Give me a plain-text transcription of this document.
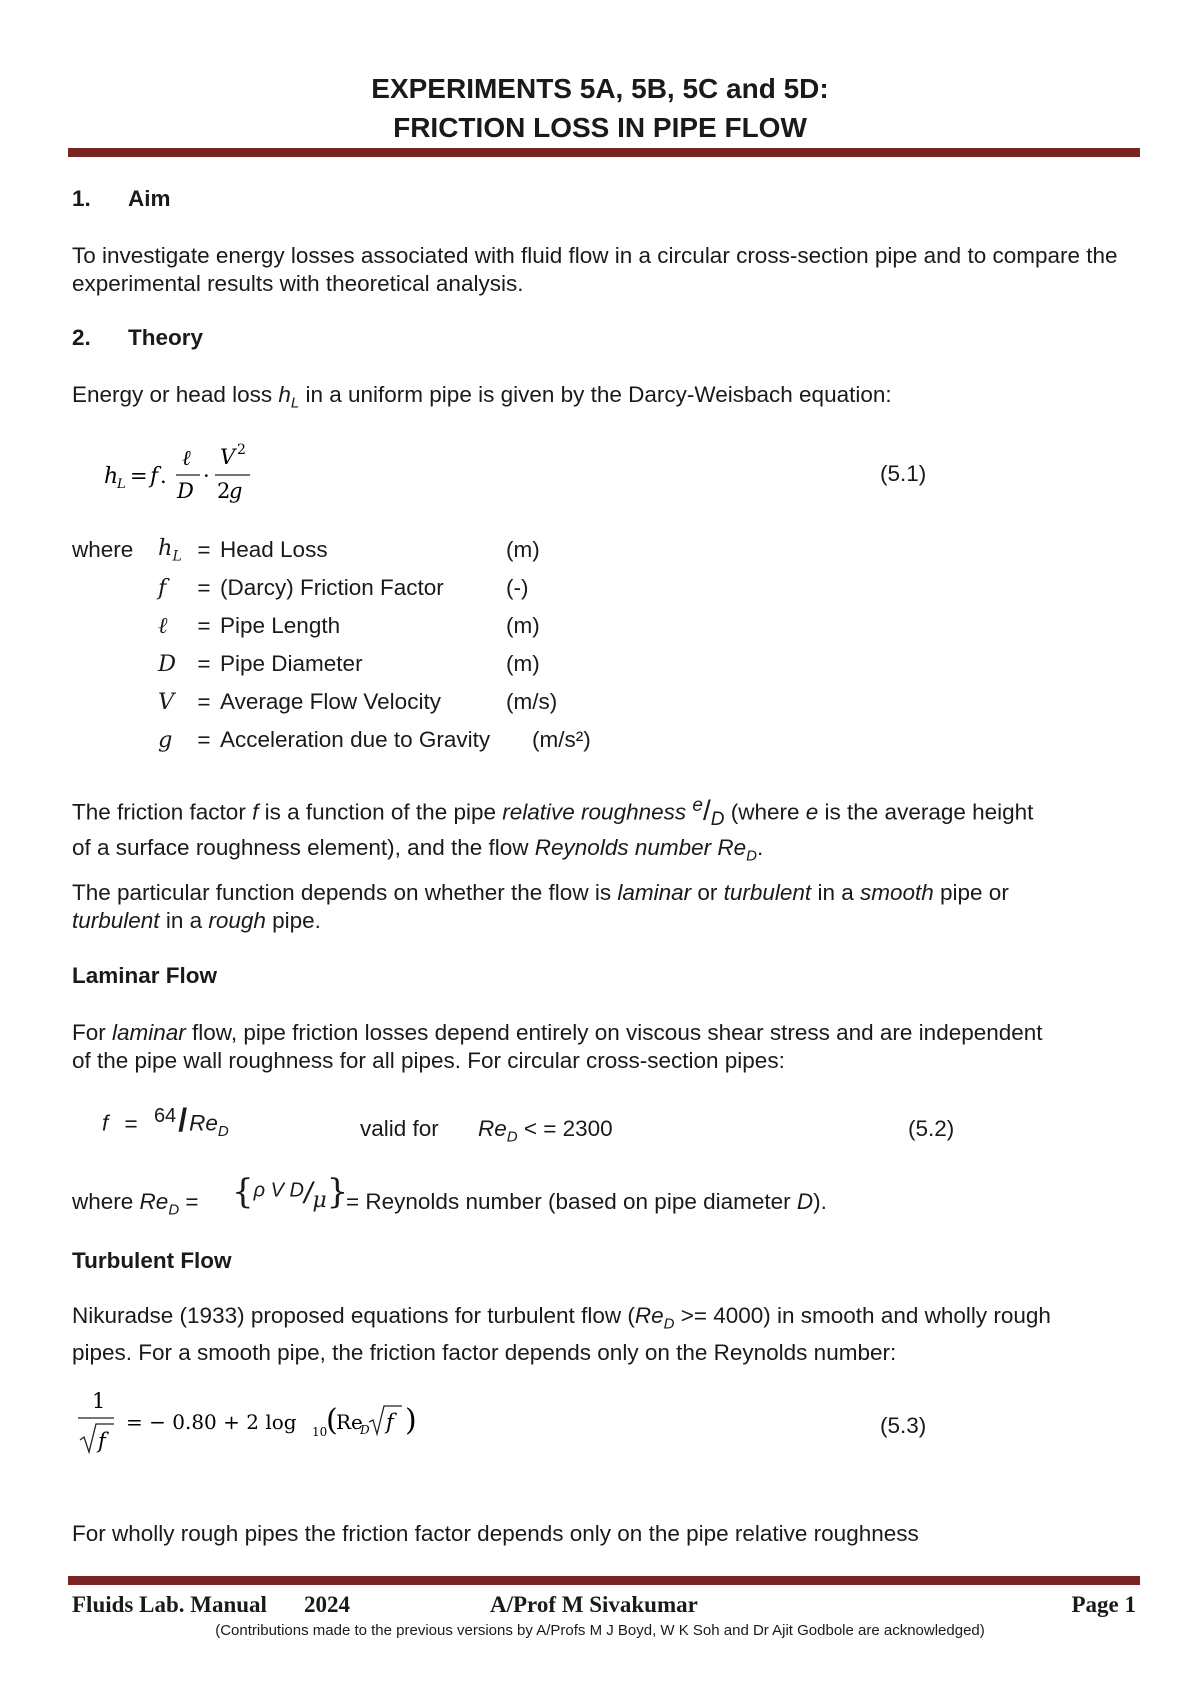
EXPERIMENTS 5A, 5B, 5C and 5D:
FRICTION LOSS IN PIPE FLOW
1. Aim
To investigate energy losses associated with fluid flow in a circular cross-section pipe and to compare the experimental results with theoretical analysis.
2. Theory
Energy or head loss $h_L$ in a uniform pipe is given by the Darcy-Weisbach equation:
h
L = f .
ℓ
D
·
V 2
2
g
(5.1)
where $h_L$	=	Head Loss	(m)
f	=	(Darcy) Friction Factor	(-)
ℓ	=	Pipe Length	(m)
D	=	Pipe Diameter	(m)
V	=	Average Flow Velocity	(m/s)
g	=	Acceleration due to Gravity	(m/s²)
The friction factor f is a function of the pipe relative roughness $^e/_D$ (where e is the average height
of a surface roughness element), and the flow Reynolds number $Re_D$.
The particular function depends on whether the flow is laminar or turbulent in a smooth pipe or
turbulent in a rough pipe.
Laminar Flow
For laminar flow, pipe friction losses depend entirely on viscous shear stress and are independent
of the pipe wall roughness for all pipes. For circular cross-section pipes:
$f = ^{64}/Re_D$	valid for $Re_D$ < = 2300	(5.2)
where $Re_D = \{^{\rho V D}/_\mu\}$
= Reynolds number (based on pipe diameter D).
Turbulent Flow
Nikuradse (1933) proposed equations for turbulent flow $(Re_D >= 4000)$ in smooth and wholly rough
pipes. For a smooth pipe, the friction factor depends only on the Reynolds number:
1
f
= − 0.80 + 2 log 10
(
Re
D f )	(5.3)
For wholly rough pipes the friction factor depends only on the pipe relative roughness
Fluids Lab. Manual 2024	A/Prof M Sivakumar	Page 1
(Contributions made to the previous versions by A/Profs M J Boyd, W K Soh and Dr Ajit Godbole are acknowledged)
